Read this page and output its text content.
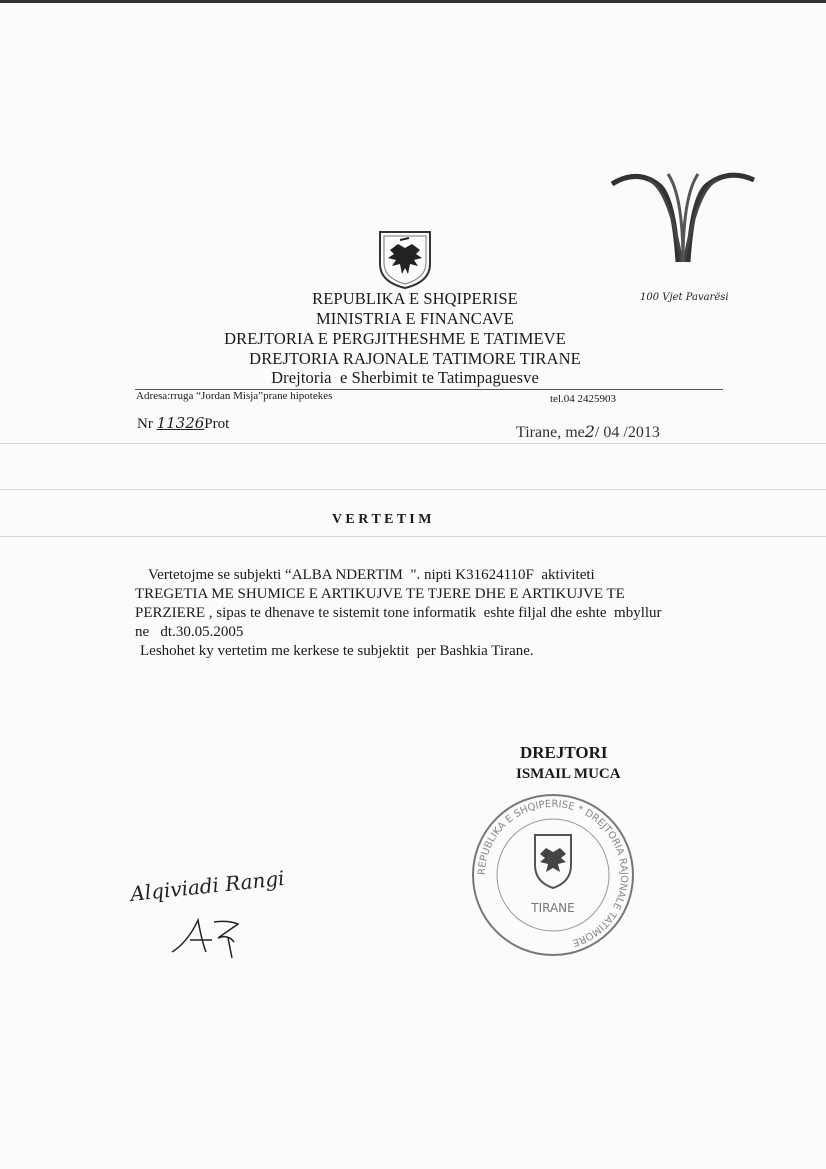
100 Vjet Pavarësi
REPUBLIKA E SHQIPERISE
MINISTRIA E FINANCAVE
DREJTORIA E PERGJITHESHME E TATIMEVE
DREJTORIA RAJONALE TATIMORE TIRANE
Drejtoria  e Sherbimit te Tatimpaguesve
Adresa:rruga “Jordan Misja”prane hipotekes	tel.04 2425903
Nr 11326Prot	Tirane, me2/ 04 /2013
V E R T E T I M
Vertetojme se subjekti “ALBA NDERTIM  ". nipti K31624110F  aktiviteti
TREGETIA ME SHUMICE E ARTIKUJVE TE TJERE DHE E ARTIKUJVE TE
PERZIERE , sipas te dhenave te sistemit tone informatik  eshte filjal dhe eshte  mbyllur
ne   dt.30.05.2005
Leshohet ky vertetim me kerkese te subjektit  per Bashkia Tirane.
DREJTORI
ISMAIL MUCA
TIRANE
REPUBLIKA E SHQIPERISE * DREJTORIA RAJONALE TATIMORE
Alqiviadi Rangi
